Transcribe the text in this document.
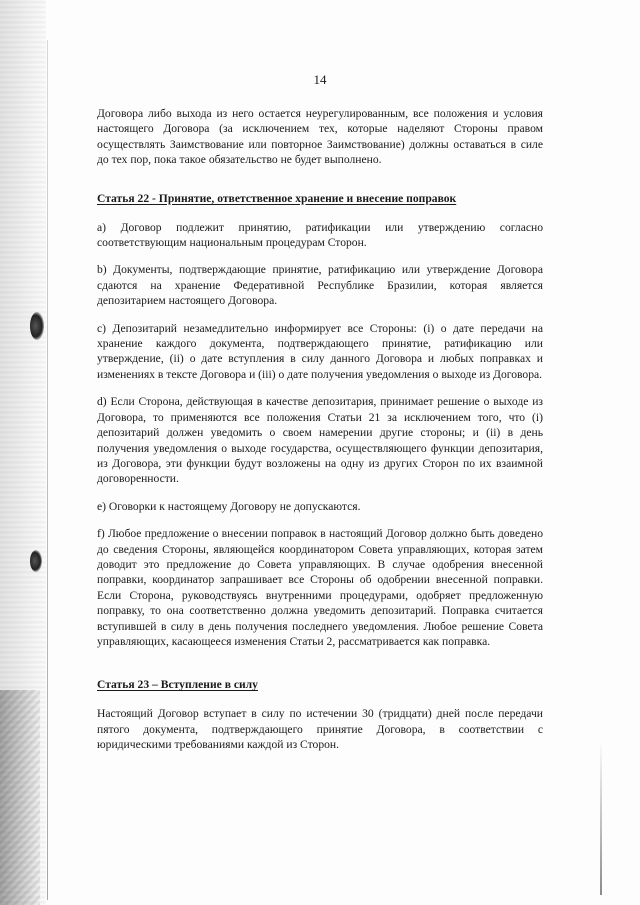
14

Договора либо выхода из него остается неурегулированным, все положения и условия настоящего Договора (за исключением тех, которые наделяют Стороны правом осуществлять Заимствование или повторное Заимствование) должны оставаться в силе до тех пор, пока такое обязательство не будет выполнено.

Статья 22 - Принятие, ответственное хранение и внесение поправок

a) Договор подлежит принятию, ратификации или утверждению согласно соответствующим национальным процедурам Сторон.

b) Документы, подтверждающие принятие, ратификацию или утверждение Договора сдаются на хранение Федеративной Республике Бразилии, которая является депозитарием настоящего Договора.

c) Депозитарий незамедлительно информирует все Стороны: (i) о дате передачи на хранение каждого документа, подтверждающего принятие, ратификацию или утверждение, (ii) о дате вступления в силу данного Договора и любых поправках и изменениях в тексте Договора и (iii) о дате получения уведомления о выходе из Договора.

d) Если Сторона, действующая в качестве депозитария, принимает решение о выходе из Договора, то применяются все положения Статьи 21 за исключением того, что (i) депозитарий должен уведомить о своем намерении другие стороны; и (ii) в день получения уведомления о выходе государства, осуществляющего функции депозитария, из Договора, эти функции будут возложены на одну из других Сторон по их взаимной договоренности.

e) Оговорки к настоящему Договору не допускаются.

f) Любое предложение о внесении поправок в настоящий Договор должно быть доведено до сведения Стороны, являющейся координатором Совета управляющих, которая затем доводит это предложение до Совета управляющих. В случае одобрения внесенной поправки, координатор запрашивает все Стороны об одобрении внесенной поправки. Если Сторона, руководствуясь внутренними процедурами, одобряет предложенную поправку, то она соответственно должна уведомить депозитарий. Поправка считается вступившей в силу в день получения последнего уведомления. Любое решение Совета управляющих, касающееся изменения Статьи 2, рассматривается как поправка.

Статья 23 – Вступление в силу

Настоящий Договор вступает в силу по истечении 30 (тридцати) дней после передачи пятого документа, подтверждающего принятие Договора, в соответствии с юридическими требованиями каждой из Сторон.
